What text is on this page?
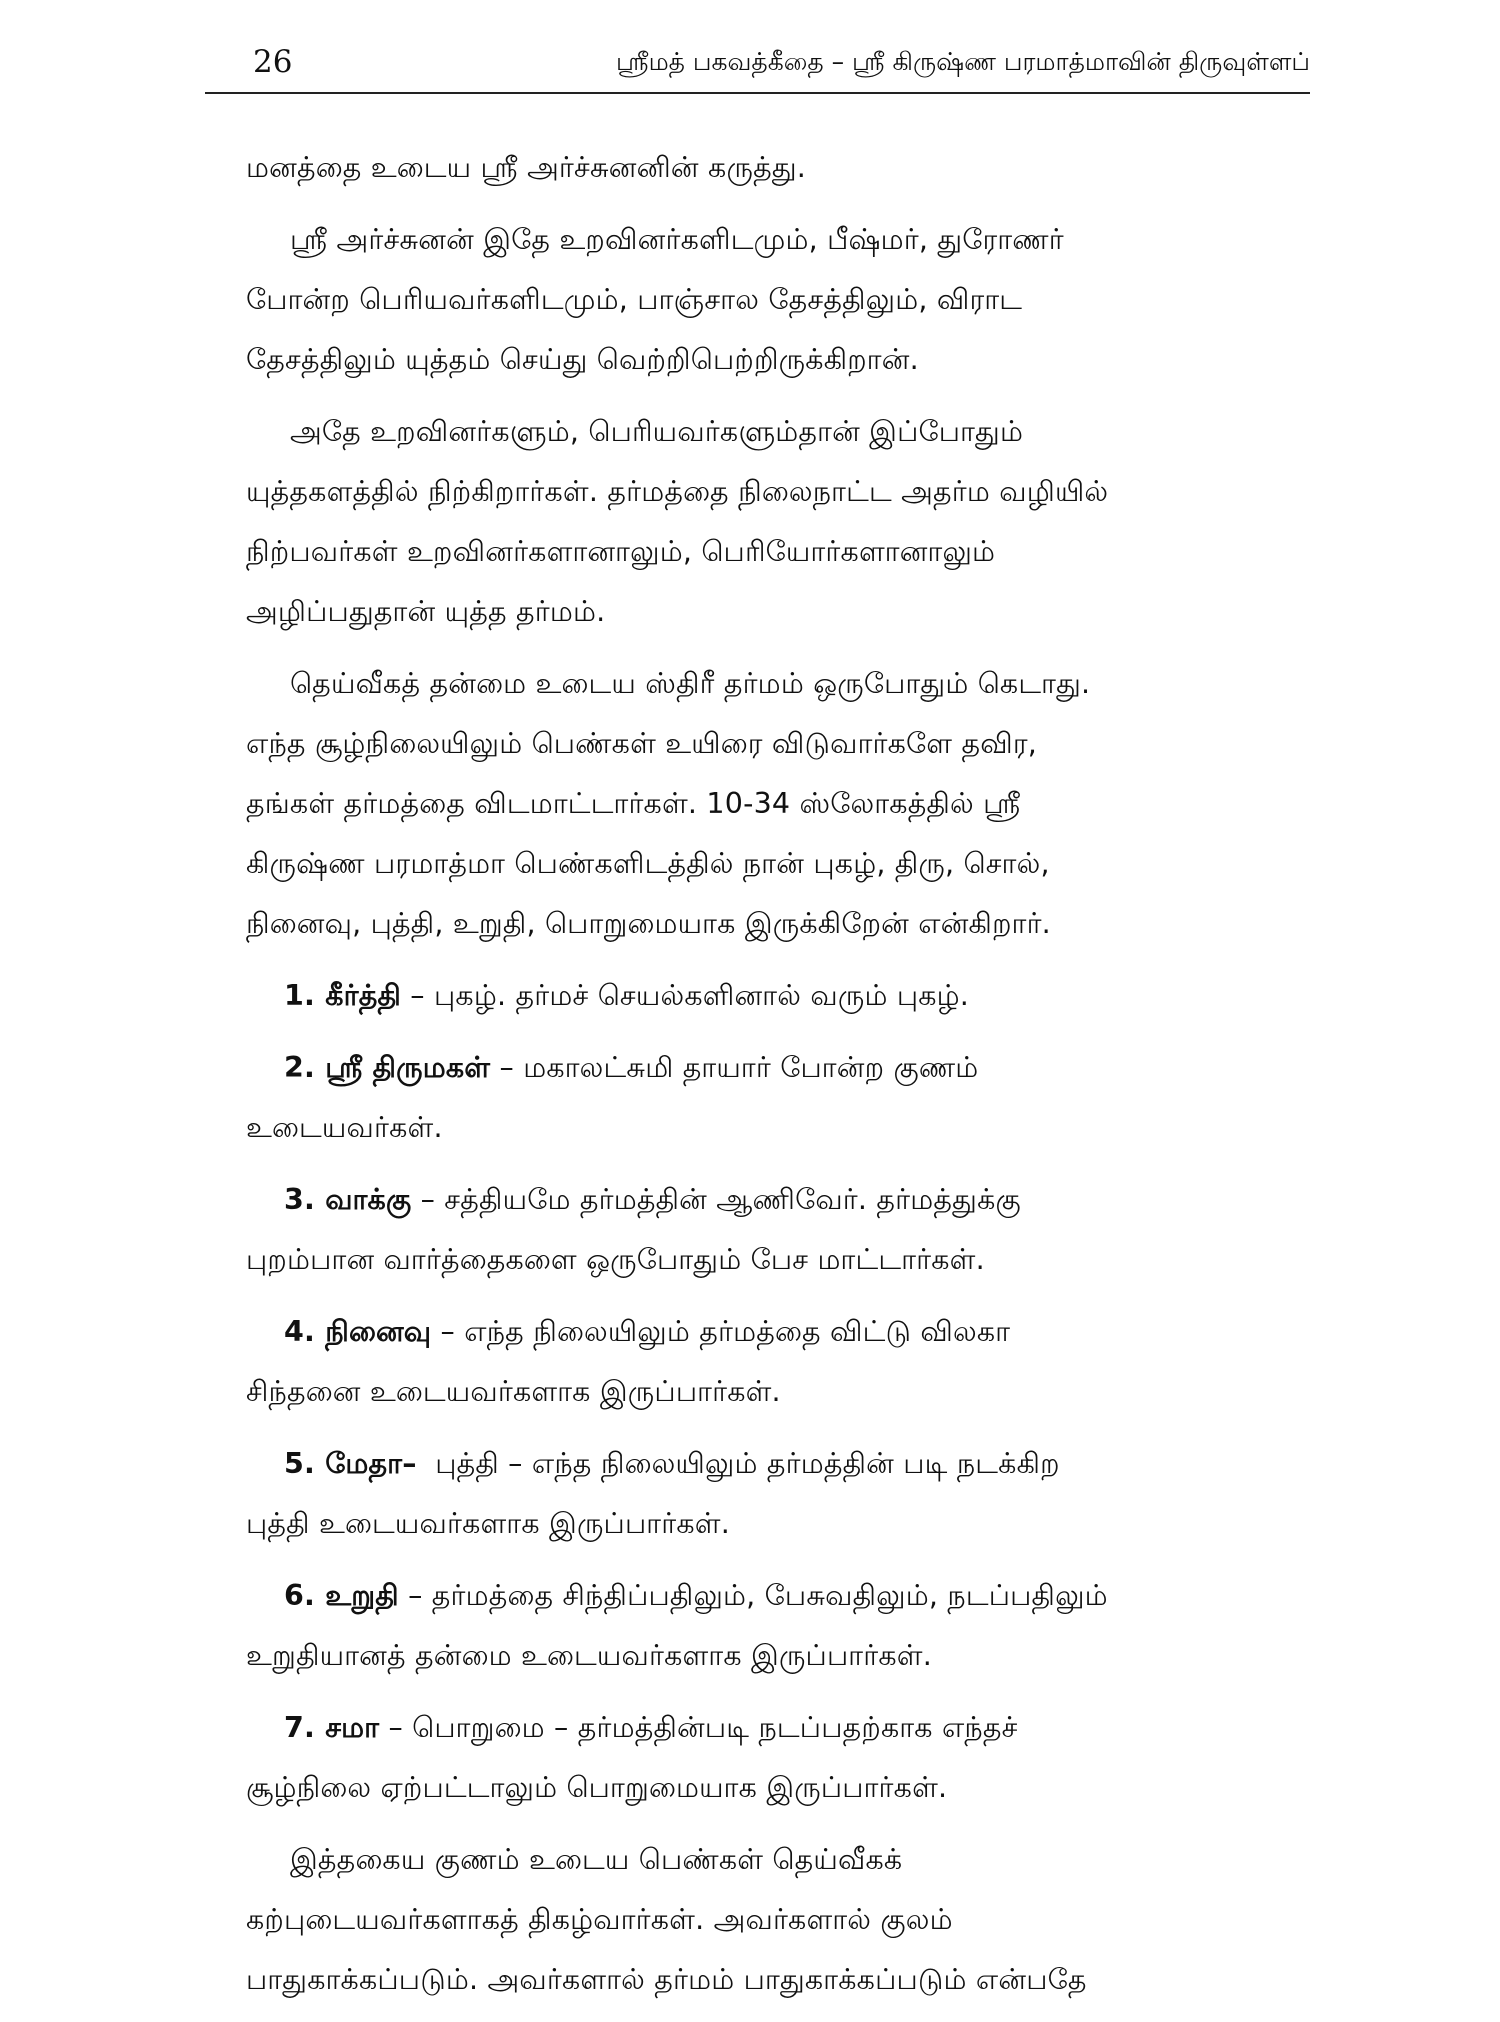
26	ஸ்ரீமத் பகவத்கீதை – ஸ்ரீ கிருஷ்ண பரமாத்மாவின் திருவுள்ளப்

மனத்தை உடைய ஸ்ரீ அர்ச்சுனனின் கருத்து.

ஸ்ரீ அர்ச்சுனன் இதே உறவினர்களிடமும், பீஷ்மர், துரோணர்
போன்ற பெரியவர்களிடமும், பாஞ்சால தேசத்திலும், விராட
தேசத்திலும் யுத்தம் செய்து வெற்றிபெற்றிருக்கிறான்.

அதே உறவினர்களும், பெரியவர்களும்தான் இப்போதும்
யுத்தகளத்தில் நிற்கிறார்கள். தர்மத்தை நிலைநாட்ட அதர்ம வழியில்
நிற்பவர்கள் உறவினர்களானாலும், பெரியோர்களானாலும்
அழிப்பதுதான் யுத்த தர்மம்.

தெய்வீகத் தன்மை உடைய ஸ்திரீ தர்மம் ஒருபோதும் கெடாது.
எந்த சூழ்நிலையிலும் பெண்கள் உயிரை விடுவார்களே தவிர,
தங்கள் தர்மத்தை விடமாட்டார்கள். 10-34 ஸ்லோகத்தில் ஸ்ரீ
கிருஷ்ண பரமாத்மா பெண்களிடத்தில் நான் புகழ், திரு, சொல்,
நினைவு, புத்தி, உறுதி, பொறுமையாக இருக்கிறேன் என்கிறார்.

1. கீர்த்தி – புகழ். தர்மச் செயல்களினால் வரும் புகழ்.
2. ஸ்ரீ திருமகள் – மகாலட்சுமி தாயார் போன்ற குணம்
உடையவர்கள்.
3. வாக்கு – சத்தியமே தர்மத்தின் ஆணிவேர். தர்மத்துக்கு
புறம்பான வார்த்தைகளை ஒருபோதும் பேச மாட்டார்கள்.
4. நினைவு – எந்த நிலையிலும் தர்மத்தை விட்டு விலகா
சிந்தனை உடையவர்களாக இருப்பார்கள்.
5. மேதா–  புத்தி – எந்த நிலையிலும் தர்மத்தின் படி நடக்கிற
புத்தி உடையவர்களாக இருப்பார்கள்.
6. உறுதி – தர்மத்தை சிந்திப்பதிலும், பேசுவதிலும், நடப்பதிலும்
உறுதியானத் தன்மை உடையவர்களாக இருப்பார்கள்.
7. சமா – பொறுமை – தர்மத்தின்படி நடப்பதற்காக எந்தச்
சூழ்நிலை ஏற்பட்டாலும் பொறுமையாக இருப்பார்கள்.

இத்தகைய குணம் உடைய பெண்கள் தெய்வீகக்
கற்புடையவர்களாகத் திகழ்வார்கள். அவர்களால் குலம்
பாதுகாக்கப்படும். அவர்களால் தர்மம் பாதுகாக்கப்படும் என்பதே
